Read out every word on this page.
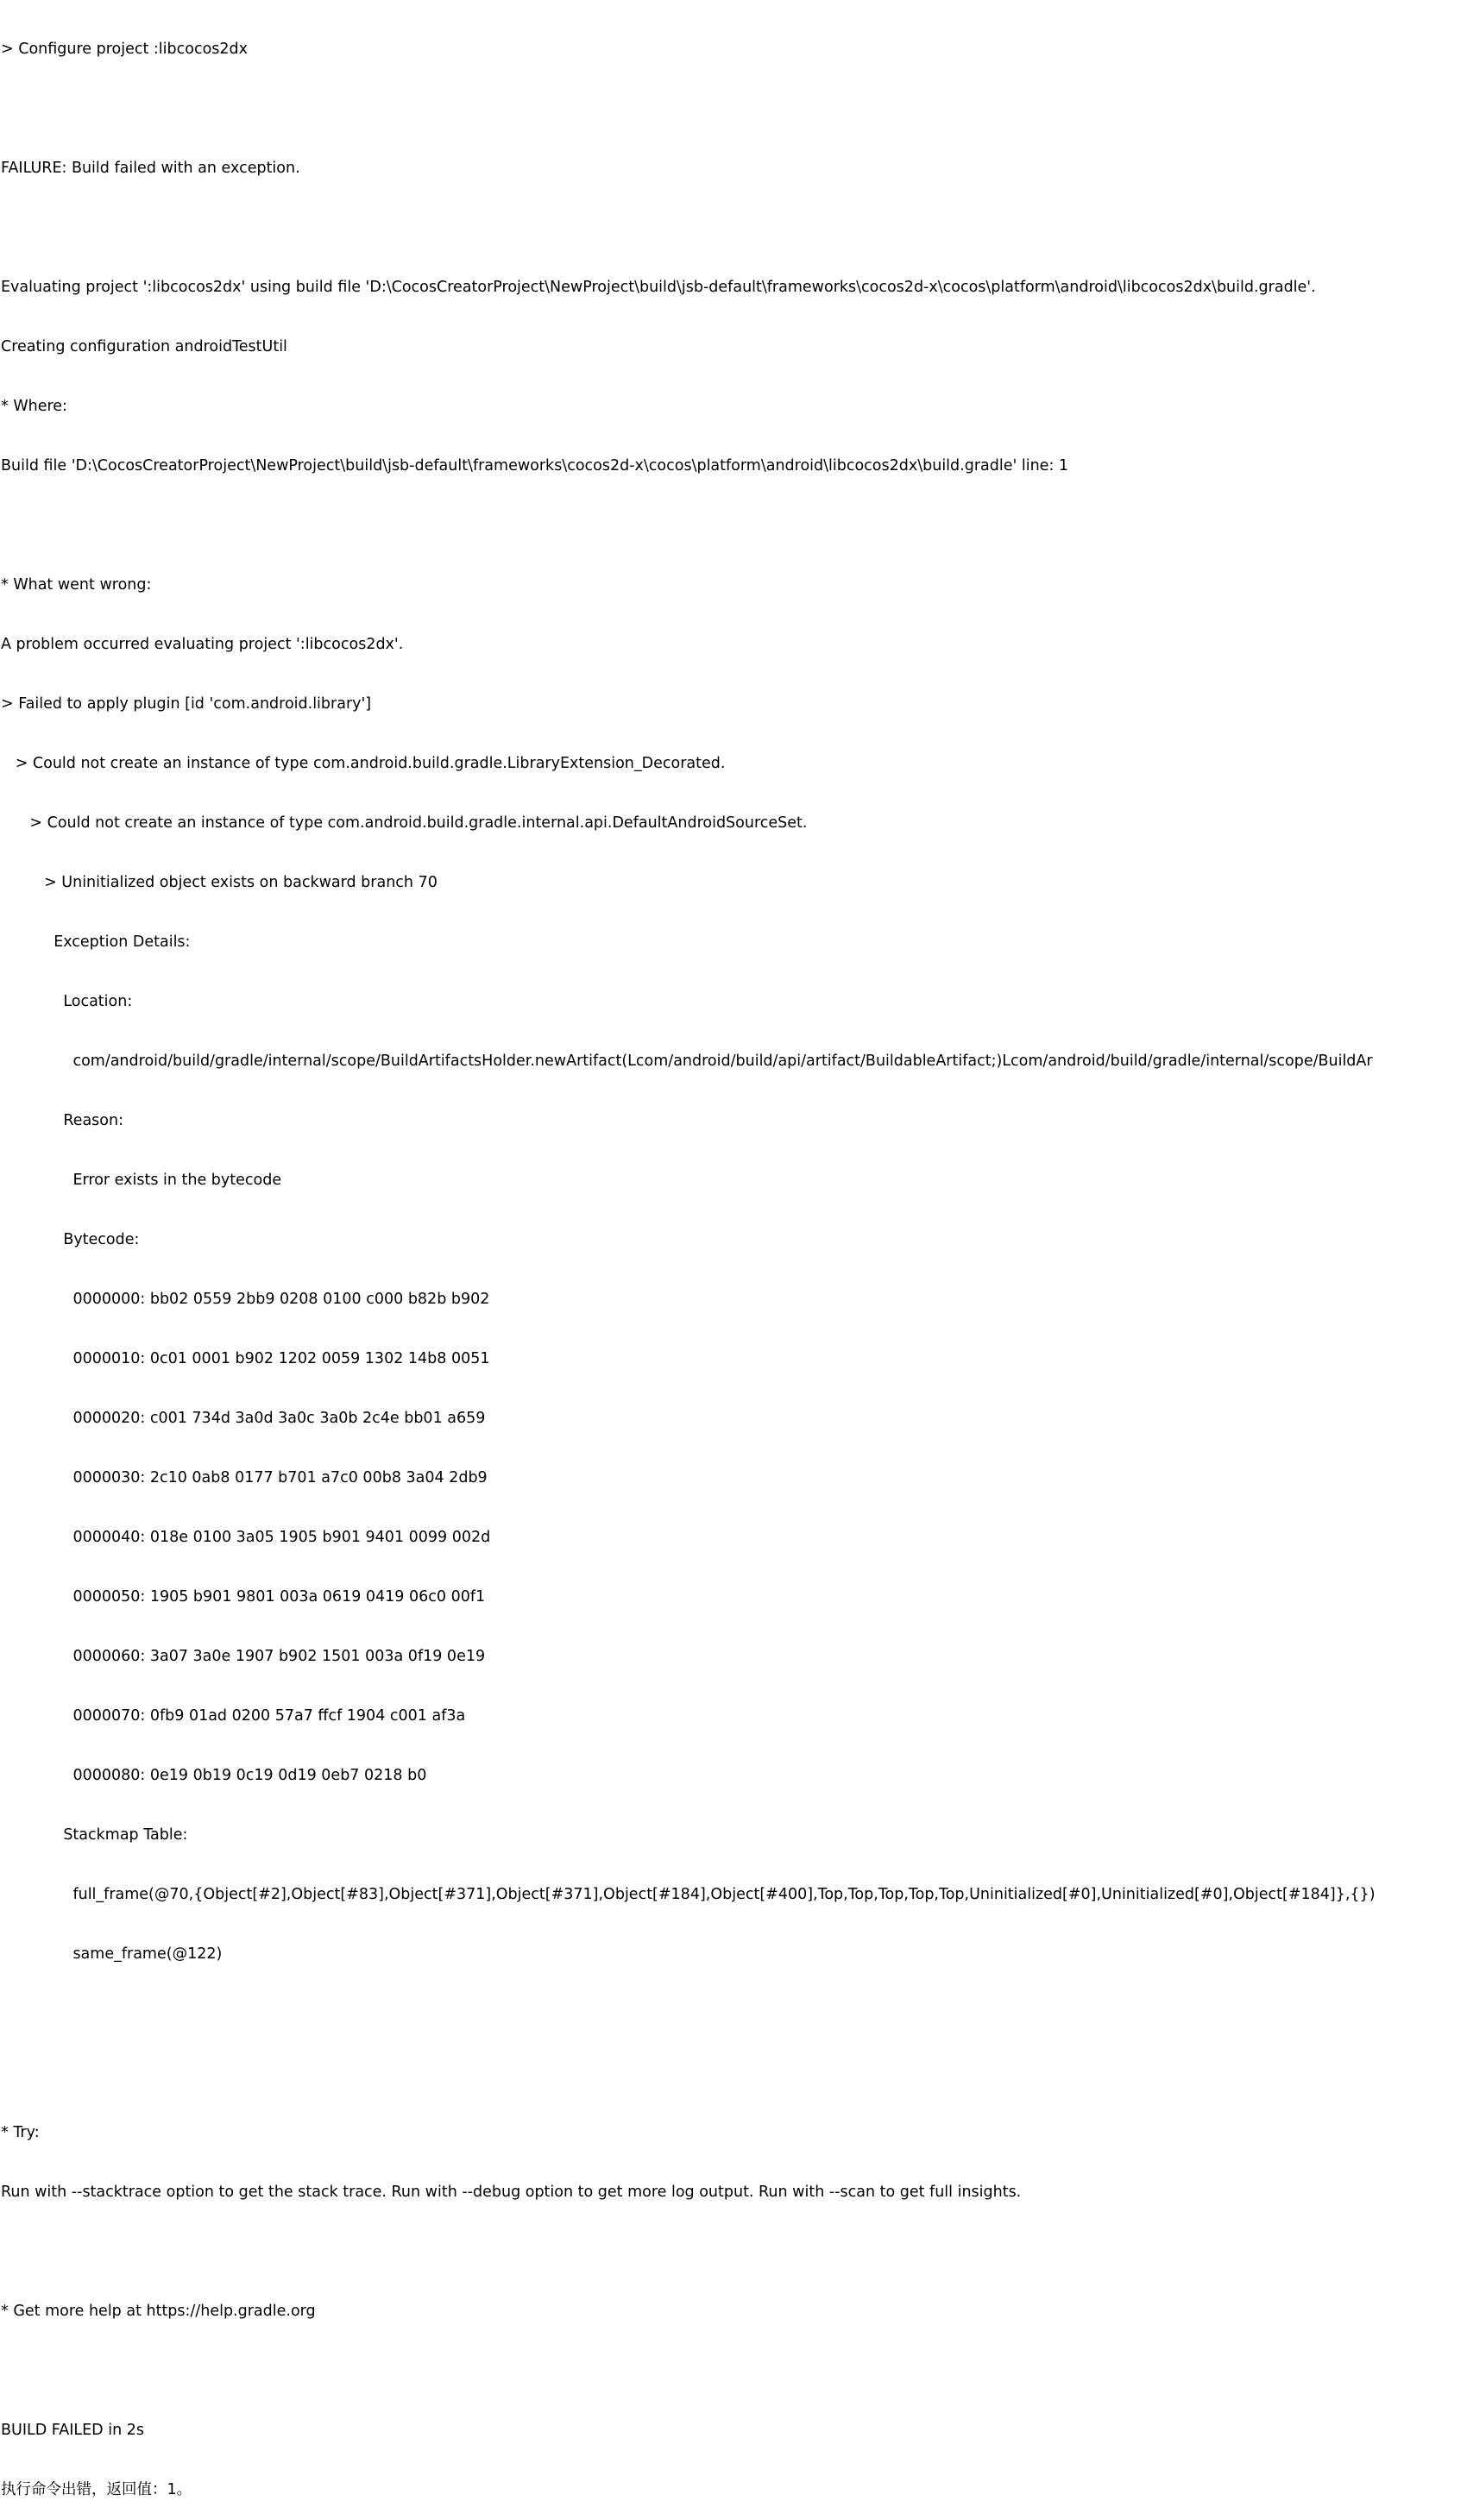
> Configure project :libcocos2dx

FAILURE: Build failed with an exception.

Evaluating project ':libcocos2dx' using build file 'D:\CocosCreatorProject\NewProject\build\jsb-default\frameworks\cocos2d-x\cocos\platform\android\libcocos2dx\build.gradle'.

Creating configuration androidTestUtil

* Where:

Build file 'D:\CocosCreatorProject\NewProject\build\jsb-default\frameworks\cocos2d-x\cocos\platform\android\libcocos2dx\build.gradle' line: 1

* What went wrong:

A problem occurred evaluating project ':libcocos2dx'.

> Failed to apply plugin [id 'com.android.library']

> Could not create an instance of type com.android.build.gradle.LibraryExtension_Decorated.

> Could not create an instance of type com.android.build.gradle.internal.api.DefaultAndroidSourceSet.

> Uninitialized object exists on backward branch 70

Exception Details:

Location:

com/android/build/gradle/internal/scope/BuildArtifactsHolder.newArtifact(Lcom/android/build/api/artifact/BuildableArtifact;)Lcom/android/build/gradle/internal/scope/BuildAr

Reason:

Error exists in the bytecode

Bytecode:

0000000: bb02 0559 2bb9 0208 0100 c000 b82b b902

0000010: 0c01 0001 b902 1202 0059 1302 14b8 0051

0000020: c001 734d 3a0d 3a0c 3a0b 2c4e bb01 a659

0000030: 2c10 0ab8 0177 b701 a7c0 00b8 3a04 2db9

0000040: 018e 0100 3a05 1905 b901 9401 0099 002d

0000050: 1905 b901 9801 003a 0619 0419 06c0 00f1

0000060: 3a07 3a0e 1907 b902 1501 003a 0f19 0e19

0000070: 0fb9 01ad 0200 57a7 ffcf 1904 c001 af3a

0000080: 0e19 0b19 0c19 0d19 0eb7 0218 b0

Stackmap Table:

full_frame(@70,{Object[#2],Object[#83],Object[#371],Object[#371],Object[#184],Object[#400],Top,Top,Top,Top,Top,Uninitialized[#0],Uninitialized[#0],Object[#184]},{})

same_frame(@122)

* Try:

Run with --stacktrace option to get the stack trace. Run with --debug option to get more log output. Run with --scan to get full insights.

* Get more help at https://help.gradle.org

BUILD FAILED in 2s

执行命令出错，返回值：1。
